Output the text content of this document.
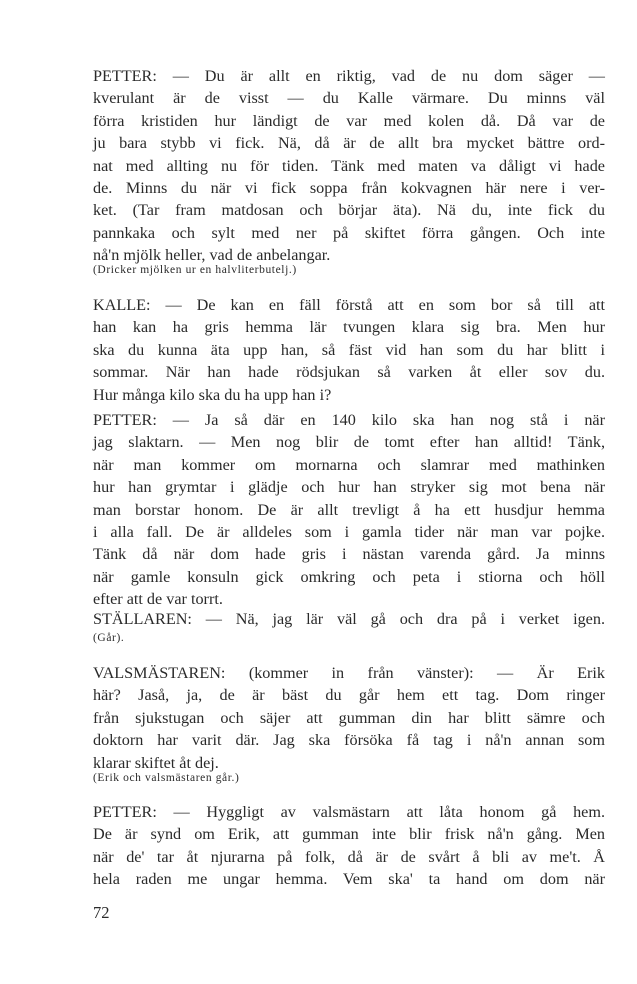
PETTER: — Du är allt en riktig, vad de nu dom säger —
kverulant är de visst — du Kalle värmare. Du minns väl
förra kristiden hur ländigt de var med kolen då. Då var de
ju bara stybb vi fick. Nä, då är de allt bra mycket bättre ord-
nat med allting nu för tiden. Tänk med maten va dåligt vi hade
de. Minns du när vi fick soppa från kokvagnen här nere i ver-
ket. (Tar fram matdosan och börjar äta). Nä du, inte fick du
pannkaka och sylt med ner på skiftet förra gången. Och inte
nå'n mjölk heller, vad de anbelangar.
(Dricker mjölken ur en halvliterbutelj.)
KALLE: — De kan en fäll förstå att en som bor så till att
han kan ha gris hemma lär tvungen klara sig bra. Men hur
ska du kunna äta upp han, så fäst vid han som du har blitt i
sommar. När han hade rödsjukan så varken åt eller sov du.
Hur många kilo ska du ha upp han i?
PETTER: — Ja så där en 140 kilo ska han nog stå i när
jag slaktarn. — Men nog blir de tomt efter han alltid! Tänk,
när man kommer om mornarna och slamrar med mathinken
hur han grymtar i glädje och hur han stryker sig mot bena när
man borstar honom. De är allt trevligt å ha ett husdjur hemma
i alla fall. De är alldeles som i gamla tider när man var pojke.
Tänk då när dom hade gris i nästan varenda gård. Ja minns
när gamle konsuln gick omkring och peta i stiorna och höll
efter att de var torrt.
STÄLLAREN: — Nä, jag lär väl gå och dra på i verket igen.
(Går).
VALSMÄSTAREN: (kommer in från vänster): — Är Erik
här? Jaså, ja, de är bäst du går hem ett tag. Dom ringer
från sjukstugan och säjer att gumman din har blitt sämre och
doktorn har varit där. Jag ska försöka få tag i nå'n annan som
klarar skiftet åt dej.
(Erik och valsmästaren går.)
PETTER: — Hyggligt av valsmästarn att låta honom gå hem.
De är synd om Erik, att gumman inte blir frisk nå'n gång. Men
när de' tar åt njurarna på folk, då är de svårt å bli av me't. Å
hela raden me ungar hemma. Vem ska' ta hand om dom när
72
